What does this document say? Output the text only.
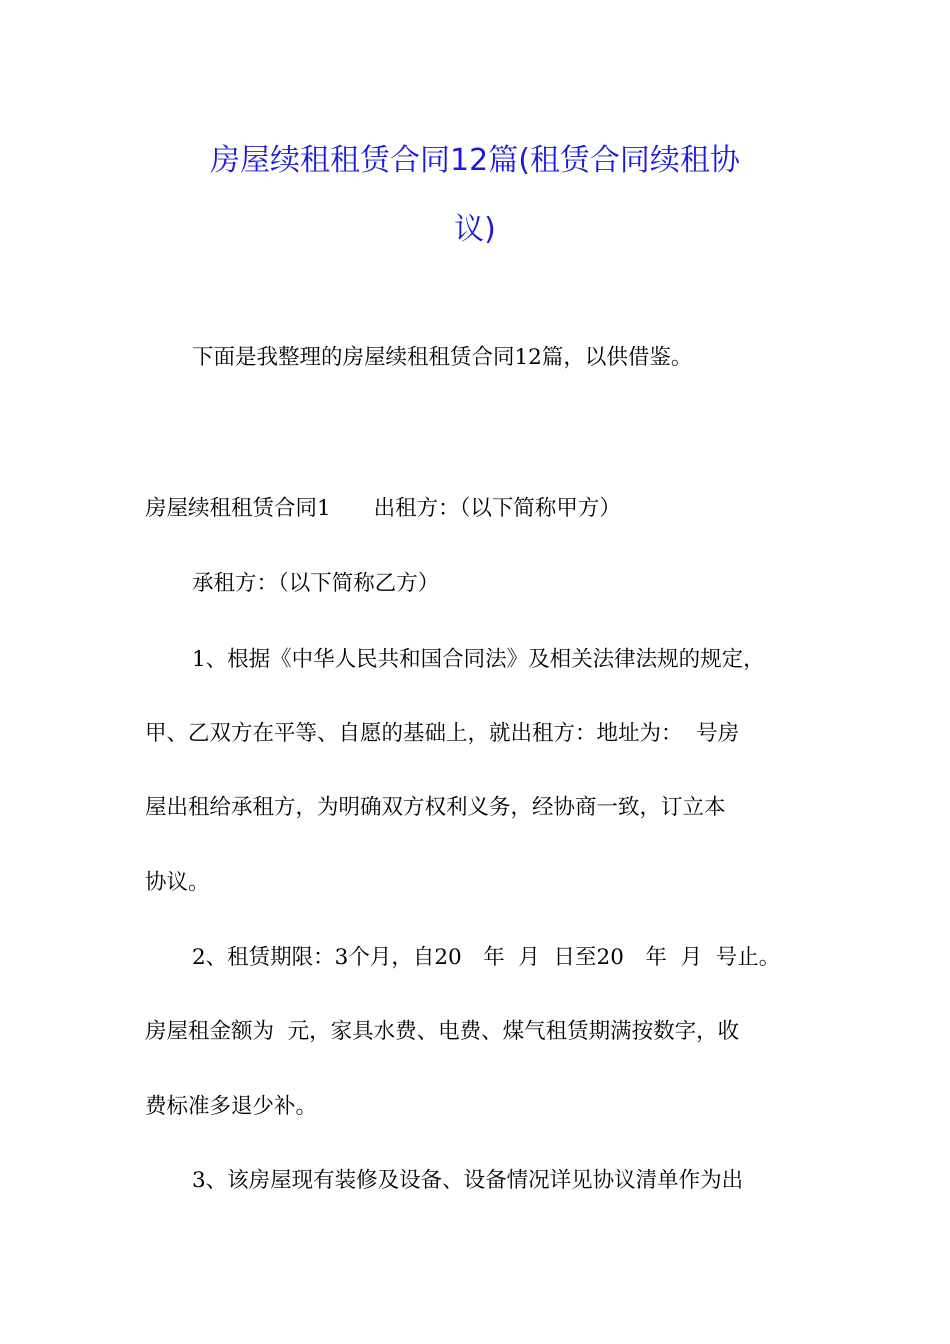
房屋续租租赁合同12篇(租赁合同续租协
议)

下面是我整理的房屋续租租赁合同12篇，以供借鉴。

房屋续租租赁合同1　　出租方：（以下简称甲方）

承租方：（以下简称乙方）

1、根据《中华人民共和国合同法》及相关法律法规的规定，

甲、乙双方在平等、自愿的基础上，就出租方：地址为：  号房

屋出租给承租方，为明确双方权利义务，经协商一致，订立本

协议。

2、租赁期限：3个月，自20　年  月  日至20　年  月  号止。

房屋租金额为  元，家具水费、电费、煤气租赁期满按数字，收

费标准多退少补。

3、该房屋现有装修及设备、设备情况详见协议清单作为出
